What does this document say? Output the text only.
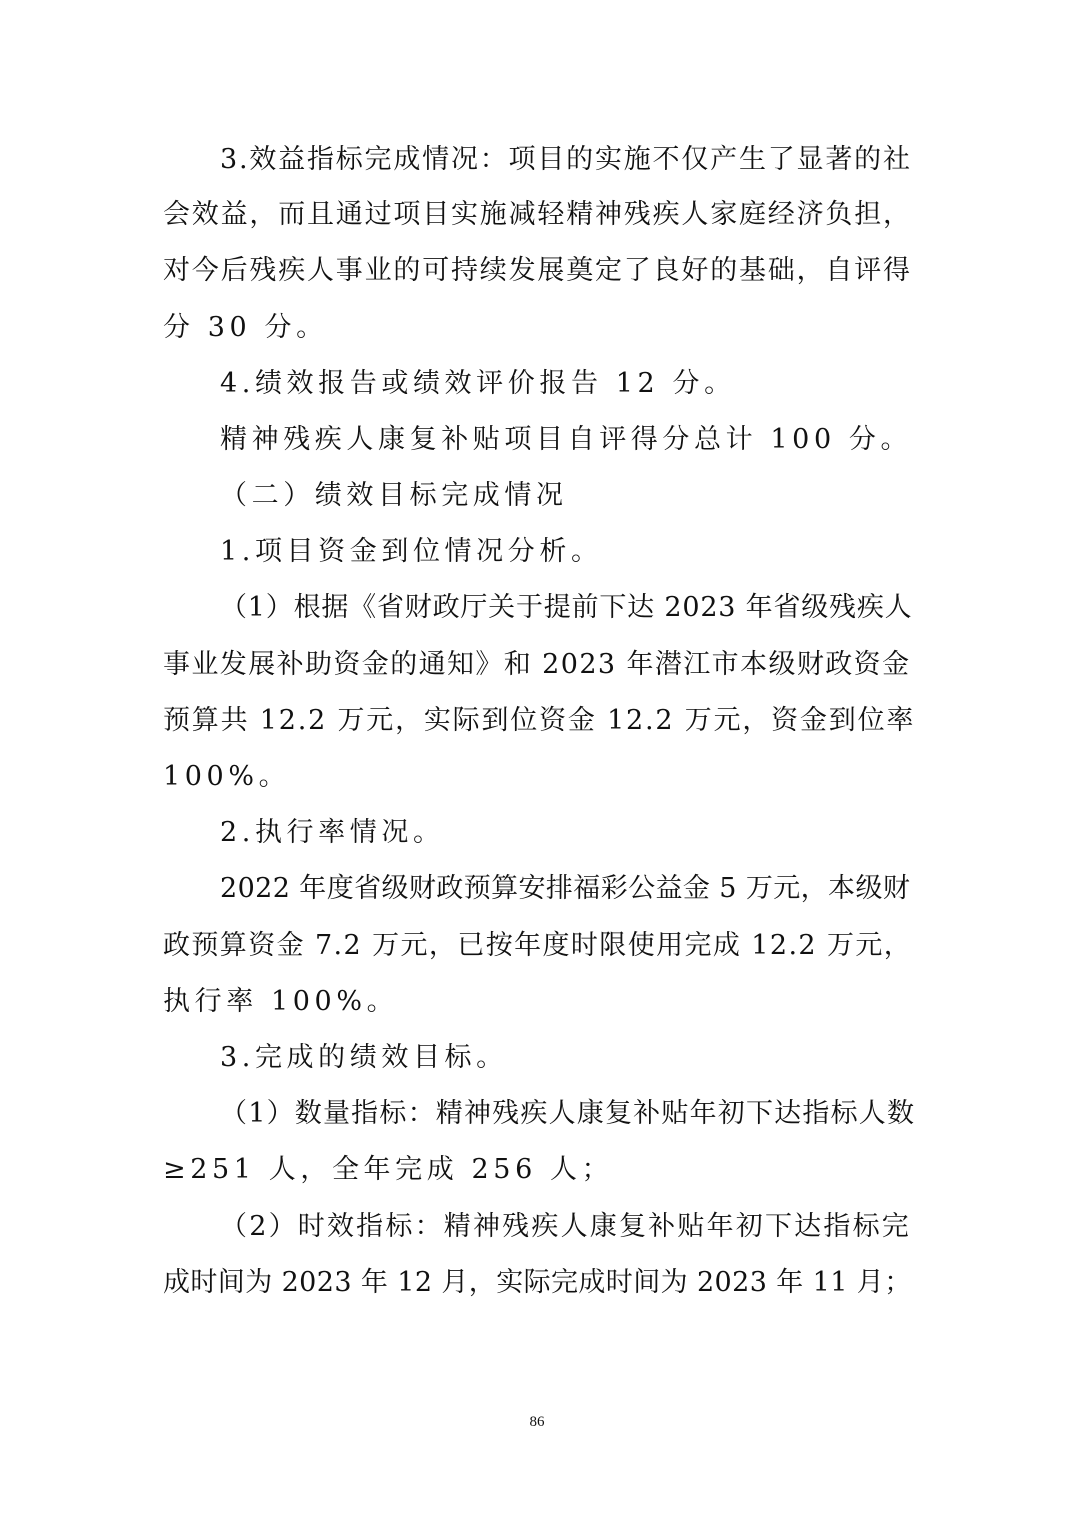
3.效益指标完成情况：项目的实施不仅产生了显著的社
会效益，而且通过项目实施减轻精神残疾人家庭经济负担，
对今后残疾人事业的可持续发展奠定了良好的基础，自评得
分 30 分。
4.绩效报告或绩效评价报告 12 分。
精神残疾人康复补贴项目自评得分总计 100 分。
（二）绩效目标完成情况
1.项目资金到位情况分析。
（1）根据《省财政厅关于提前下达 2023 年省级残疾人
事业发展补助资金的通知》和 2023 年潜江市本级财政资金
预算共 12.2 万元，实际到位资金 12.2 万元，资金到位率
100%。
2.执行率情况。
2022 年度省级财政预算安排福彩公益金 5 万元，本级财
政预算资金 7.2 万元，已按年度时限使用完成 12.2 万元，
执行率 100%。
3.完成的绩效目标。
（1）数量指标：精神残疾人康复补贴年初下达指标人数
≥251 人，全年完成 256 人；
（2）时效指标：精神残疾人康复补贴年初下达指标完
成时间为 2023 年 12 月，实际完成时间为 2023 年 11 月；
86
